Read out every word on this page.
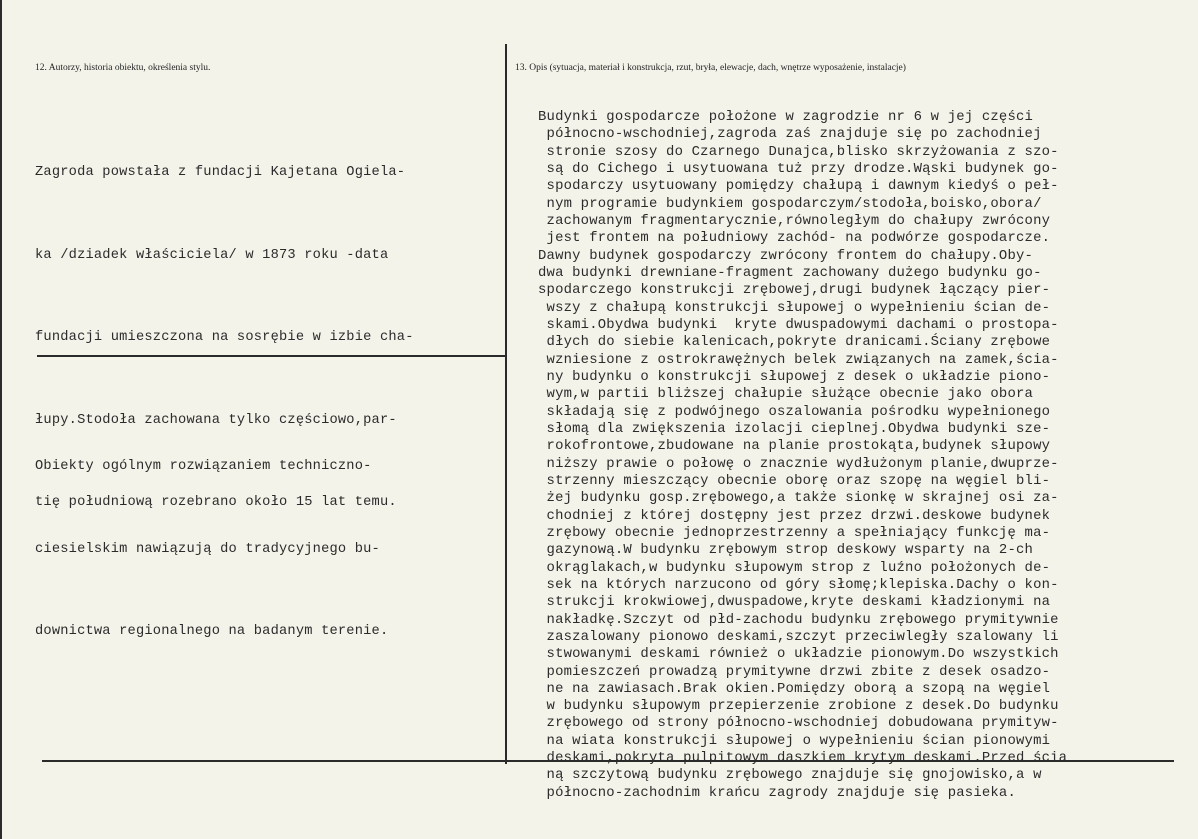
12. Autorzy, historia obiektu, określenia stylu.	13. Opis (sytuacja, materiał i konstrukcja, rzut, bryła, elewacje, dach, wnętrze wyposażenie, instalacje)

Zagroda powstała z fundacji Kajetana Ogiela-

ka /dziadek właściciela/ w 1873 roku -data

fundacji umieszczona na sosrębie w izbie cha-

łupy.Stodoła zachowana tylko częściowo,par-

tię południową rozebrano około 15 lat temu.

Obiekty ogólnym rozwiązaniem techniczno-

ciesielskim nawiązują do tradycyjnego bu-

downictwa regionalnego na badanym terenie.

Budynki gospodarcze położone w zagrodzie nr 6 w jej części
północno-wschodniej,zagroda zaś znajduje się po zachodniej
stronie szosy do Czarnego Dunajca,blisko skrzyżowania z szo-
są do Cichego i usytuowana tuż przy drodze.Wąski budynek go-
spodarczy usytuowany pomiędzy chałupą i dawnym kiedyś o peł-
nym programie budynkiem gospodarczym/stodoła,boisko,obora/
zachowanym fragmentarycznie,równoległym do chałupy zwrócony
jest frontem na południowy zachód- na podwórze gospodarcze.
Dawny budynek gospodarczy zwrócony frontem do chałupy.Oby-
dwa budynki drewniane-fragment zachowany dużego budynku go-
spodarczego konstrukcji zrębowej,drugi budynek łączący pier-
wszy z chałupą konstrukcji słupowej o wypełnieniu ścian de-
skami.Obydwa budynki  kryte dwuspadowymi dachami o prostopa-
dłych do siebie kalenicach,pokryte dranicami.Ściany zrębowe
wzniesione z ostrokrawężnych belek związanych na zamek,ścia-
ny budynku o konstrukcji słupowej z desek o układzie piono-
wym,w partii bliższej chałupie służące obecnie jako obora
składają się z podwójnego oszalowania pośrodku wypełnionego
słomą dla zwiększenia izolacji cieplnej.Obydwa budynki sze-
rokofrontowe,zbudowane na planie prostokąta,budynek słupowy
niższy prawie o połowę o znacznie wydłużonym planie,dwuprze-
strzenny mieszczący obecnie oborę oraz szopę na węgiel bli-
żej budynku gosp.zrębowego,a także sionkę w skrajnej osi za-
chodniej z której dostępny jest przez drzwi.deskowe budynek
zrębowy obecnie jednoprzestrzenny a spełniający funkcję ma-
gazynową.W budynku zrębowym strop deskowy wsparty na 2-ch
okrąglakach,w budynku słupowym strop z luźno położonych de-
sek na których narzucono od góry słomę;klepiska.Dachy o kon-
strukcji krokwiowej,dwuspadowe,kryte deskami kładzionymi na
nakładkę.Szczyt od płd-zachodu budynku zrębowego prymitywnie
zaszalowany pionowo deskami,szczyt przeciwległy szalowany li
stwowanymi deskami również o układzie pionowym.Do wszystkich
pomieszczeń prowadzą prymitywne drzwi zbite z desek osadzo-
ne na zawiasach.Brak okien.Pomiędzy oborą a szopą na węgiel
w budynku słupowym przepierzenie zrobione z desek.Do budynku
zrębowego od strony północno-wschodniej dobudowana prymityw-
na wiata konstrukcji słupowej o wypełnieniu ścian pionowymi
deskami,pokryta pulpitowym daszkiem krytym deskami.Przed ścia
ną szczytową budynku zrębowego znajduje się gnojowisko,a w
północno-zachodnim krańcu zagrody znajduje się pasieka.
